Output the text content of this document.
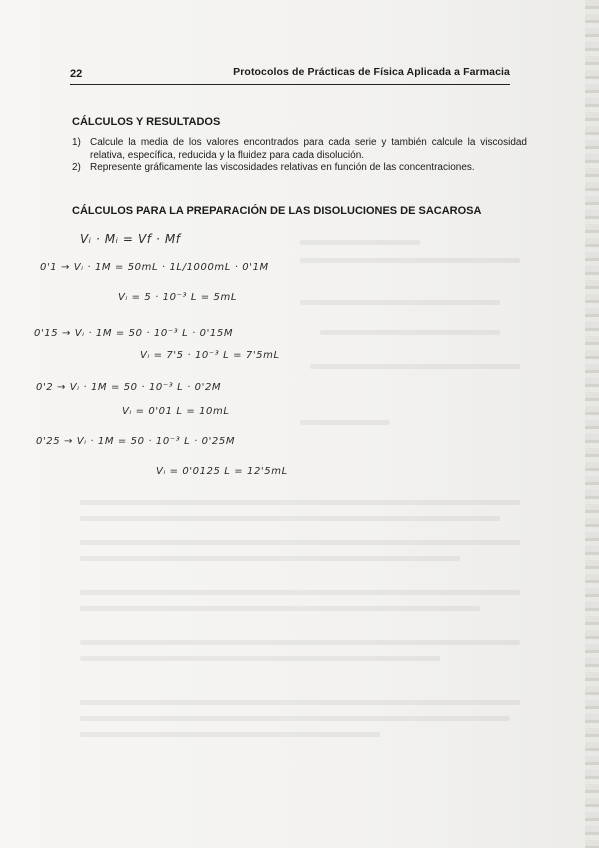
22	Protocolos de Prácticas de Física Aplicada a Farmacia
CÁLCULOS Y RESULTADOS
1) Calcule la media de los valores encontrados para cada serie y también calcule la viscosidad relativa, específica, reducida y la fluidez para cada disolución.
2) Represente gráficamente las viscosidades relativas en función de las concentraciones.
CÁLCULOS PARA LA PREPARACIÓN DE LAS DISOLUCIONES DE SACAROSA
Vᵢ · Mᵢ = Vf · Mf
0'1 → Vᵢ · 1M = 50mL · 1L/1000mL · 0'1M
Vᵢ = 5 · 10⁻³ L = 5mL
0'15 → Vᵢ · 1M = 50 · 10⁻³ L · 0'15M
Vᵢ = 7'5 · 10⁻³ L = 7'5mL
0'2 → Vᵢ · 1M = 50 · 10⁻³ L · 0'2M
Vᵢ = 0'01 L = 10mL
0'25 → Vᵢ · 1M = 50 · 10⁻³ L · 0'25M
Vᵢ = 0'0125 L = 12'5mL
